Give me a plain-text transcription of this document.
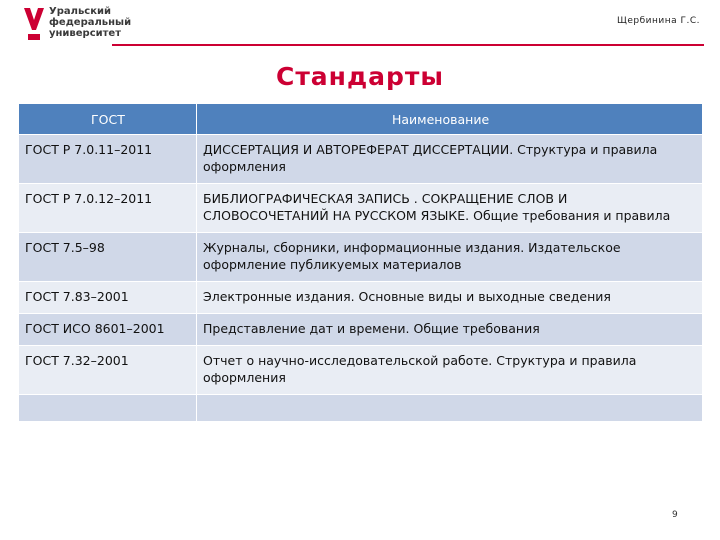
Уральский
федеральный
университет
Щербинина Г.С.
Стандарты
ГОСТ	Наименование
ГОСТ Р 7.0.11–2011	ДИССЕРТАЦИЯ И АВТОРЕФЕРАТ ДИССЕРТАЦИИ. Структура и правила оформления
ГОСТ Р 7.0.12–2011	БИБЛИОГРАФИЧЕСКАЯ ЗАПИСЬ . СОКРАЩЕНИЕ СЛОВ И СЛОВОСОЧЕТАНИЙ НА РУССКОМ ЯЗЫКЕ. Общие требования и правила
ГОСТ 7.5–98	Журналы, сборники, информационные издания. Издательское оформление публикуемых материалов
ГОСТ 7.83–2001	Электронные издания. Основные виды и выходные сведения
ГОСТ ИСО 8601–2001	Представление дат и времени. Общие требования
ГОСТ 7.32–2001	Отчет о научно-исследовательской работе. Структура и правила оформления

9
